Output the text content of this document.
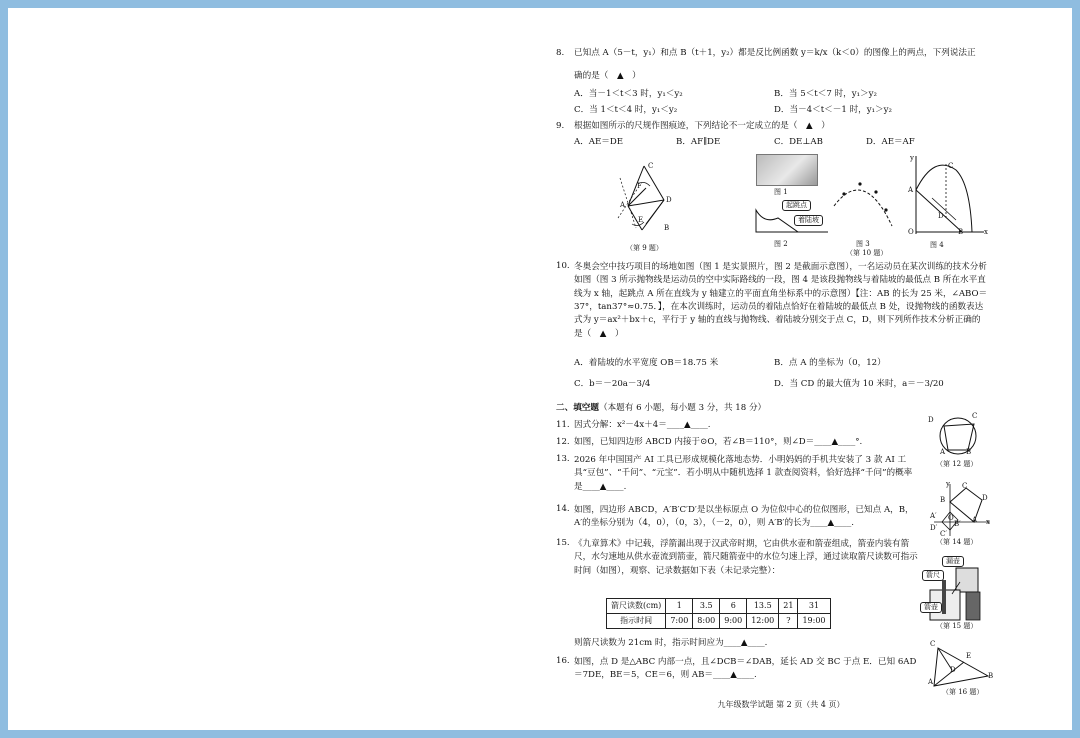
8. 已知点 A（5－t，y₁）和点 B（t＋1，y₂）都是反比例函数 y＝k/x（k＜0）的图像上的两点，下列说法正
确的是（　▲　）
A．当－1＜t＜3 时，y₁＜y₂	B．当 5＜t＜7 时，y₁＞y₂
C．当 1＜t＜4 时，y₁＜y₂	D．当－4＜t＜－1 时，y₁＞y₂
9. 根据如图所示的尺规作图痕迹，下列结论不一定成立的是（　▲　）
A．AE＝DE	B．AF∥DE	C．DE⊥AB	D．AE＝AF
C
F
A
D
E
B
（第 9 题）
图 1
起跳点
着陆坡
图 2	图 3
（第 10 题）
y
C
A
D
O	B	x
图 4
10. 冬奥会空中技巧项目的场地如图（图 1 是实景照片，图 2 是截面示意图），一名运动员在某次训练的技术分析如图（图 3 所示抛物线是运动员的空中实际路线的一段，图 4 是该段抛物线与着陆坡的最低点 B 所在水平直线为 x 轴，起跳点 A 所在直线为 y 轴建立的平面直角坐标系中的示意图）【注：AB 的长为 25 米，∠ABO＝37°，tan37°≈0.75．】，在本次训练时，运动员的着陆点恰好在着陆坡的最低点 B 处，设抛物线的函数表达式为 y＝ax²＋bx＋c，平行于 y 轴的直线与抛物线、着陆坡分别交于点 C，D，则下列所作技术分析正确的是（　▲　）
A．着陆坡的水平宽度 OB＝18.75 米	B．点 A 的坐标为（0，12）
C．b＝－20a－3/4	D．当 CD 的最大值为 10 米时，a＝－3/20
二、填空题（本题有 6 小题，每小题 3 分，共 18 分）
11. 因式分解：x²－4x＋4＝____▲____.
12. 如图，已知四边形 ABCD 内接于⊙O，若∠B＝110°，则∠D＝____▲____°.
D	C
A	B
（第 12 题）
13. 2026 年中国国产 AI 工具已形成规模化落地态势．小明妈妈的手机共安装了 3 款 AI 工具“豆包”、“千问”、“元宝”．若小明从中随机选择 1 款查阅资料，恰好选择“千问”的概率是____▲____.
14. 如图，四边形 ABCD，A′B′C′D′是以坐标原点 O 为位似中心的位似图形，已知点 A，B，A′的坐标分别为（4，0），（0，3），（－2，0），则 A′B′的长为____▲____.
y C
B	D
A′ O	A x
B′
D′
C′
（第 14 题）
15. 《九章算术》中记载，浮箭漏出现于汉武帝时期，它由供水壶和箭壶组成，箭壶内装有箭尺，水匀速地从供水壶流到箭壶，箭尺随箭壶中的水位匀速上浮，通过读取箭尺读数可指示时间（如图），观察、记录数据如下表（未记录完整）：
箭尺读数(cm)	1	3.5	6	13.5	21	31
指示时间	7:00	8:00	9:00	12:00	?	19:00
则箭尺读数为 21cm 时，指示时间应为____▲____.
漏壶
箭尺
箭壶
（第 15 题）
16. 如图，点 D 是△ABC 内部一点，且∠DCB＝∠DAB，延长 AD 交 BC 于点 E．已知 6AD＝7DE，BE＝5，CE＝6，则 AB＝____▲____.
C
E
D
A
B
（第 16 题）
九年级数学试题 第 2 页（共 4 页）
